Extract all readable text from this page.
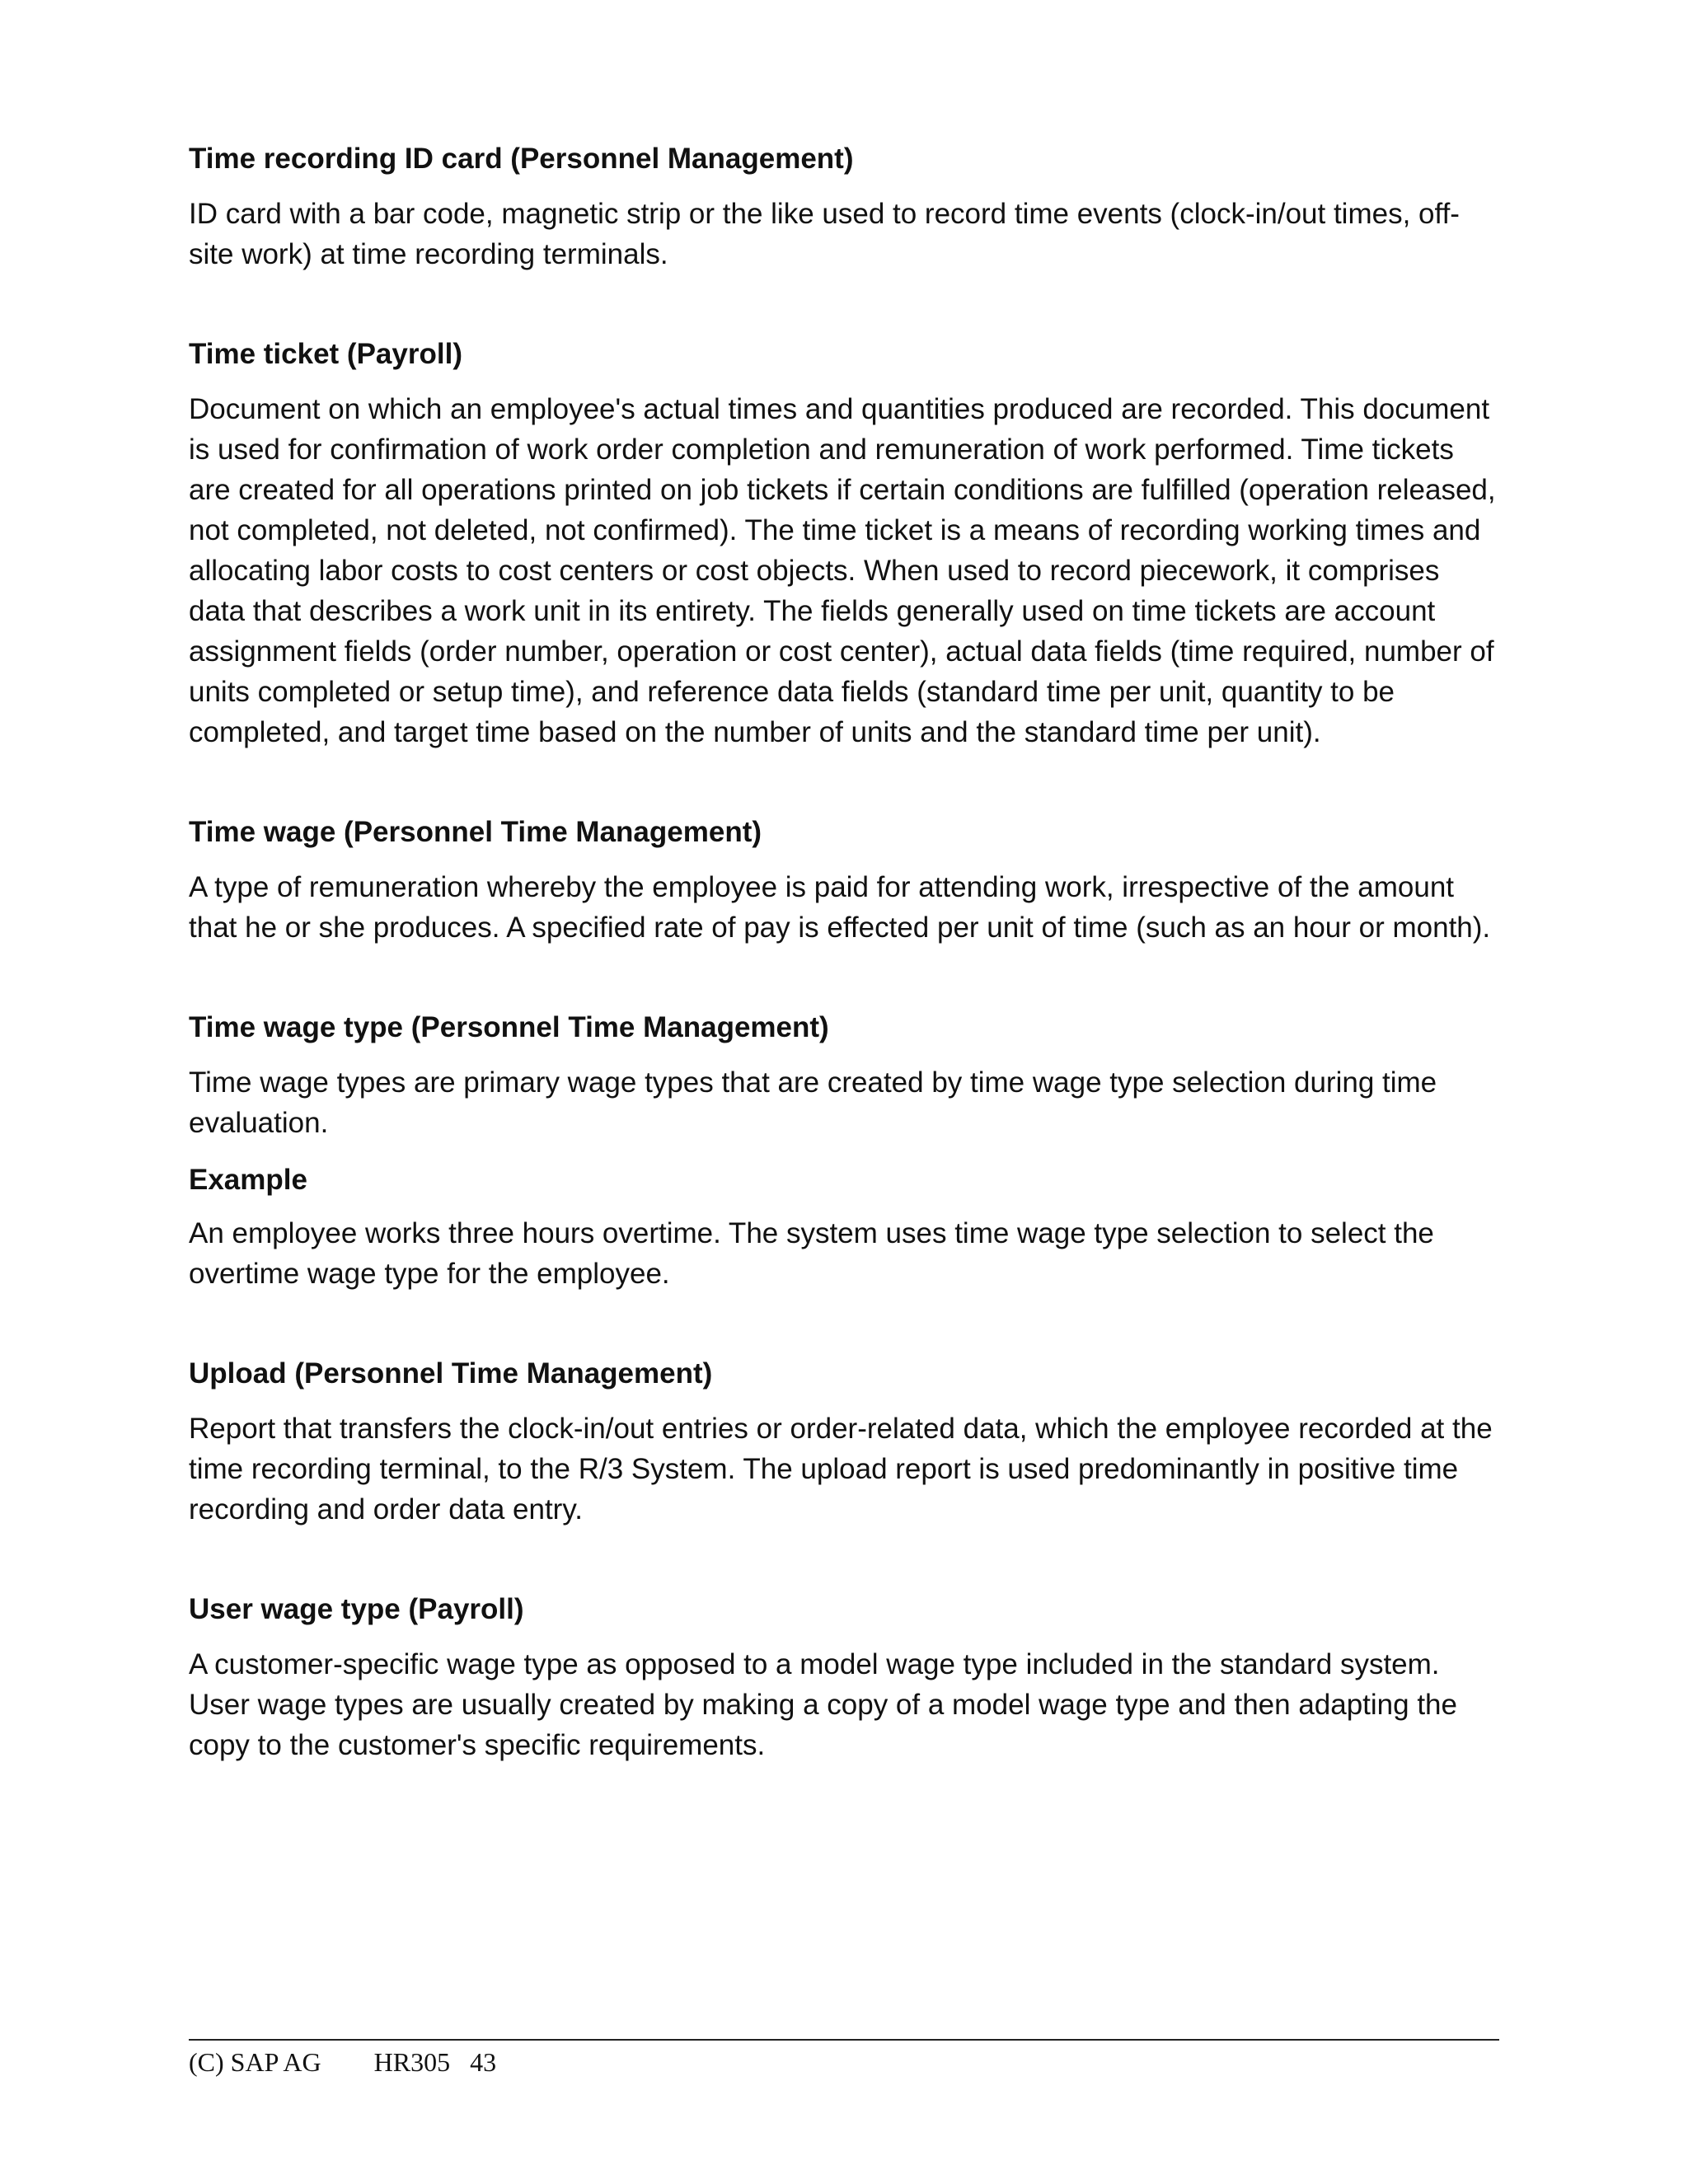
Time recording ID card (Personnel Management)

ID card with a bar code, magnetic strip or the like used to record time events (clock-in/out times, off-site work) at time recording terminals.

Time ticket (Payroll)

Document on which an employee's actual times and quantities produced are recorded. This document is used for confirmation of work order completion and remuneration of work performed. Time tickets are created for all operations printed on job tickets if certain conditions are fulfilled (operation released, not completed, not deleted, not confirmed). The time ticket is a means of recording working times and allocating labor costs to cost centers or cost objects. When used to record piecework, it comprises data that describes a work unit in its entirety. The fields generally used on time tickets are account assignment fields (order number, operation or cost center), actual data fields (time required, number of units completed or setup time), and reference data fields (standard time per unit, quantity to be completed, and target time based on the number of units and the standard time per unit).

Time wage (Personnel Time Management)

A type of remuneration whereby the employee is paid for attending work, irrespective of the amount that he or she produces. A specified rate of pay is effected per unit of time (such as an hour or month).

Time wage type (Personnel Time Management)

Time wage types are primary wage types that are created by time wage type selection during time evaluation.

Example

An employee works three hours overtime. The system uses time wage type selection to select the overtime wage type for the employee.

Upload (Personnel Time Management)

Report that transfers the clock-in/out entries or order-related data, which the employee recorded at the time recording terminal, to the R/3 System. The upload report is used predominantly in positive time recording and order data entry.

User wage type (Payroll)

A customer-specific wage type as opposed to a model wage type included in the standard system. User wage types are usually created by making a copy of a model wage type and then adapting the copy to the customer's specific requirements.

(C) SAP AG HR305 43
